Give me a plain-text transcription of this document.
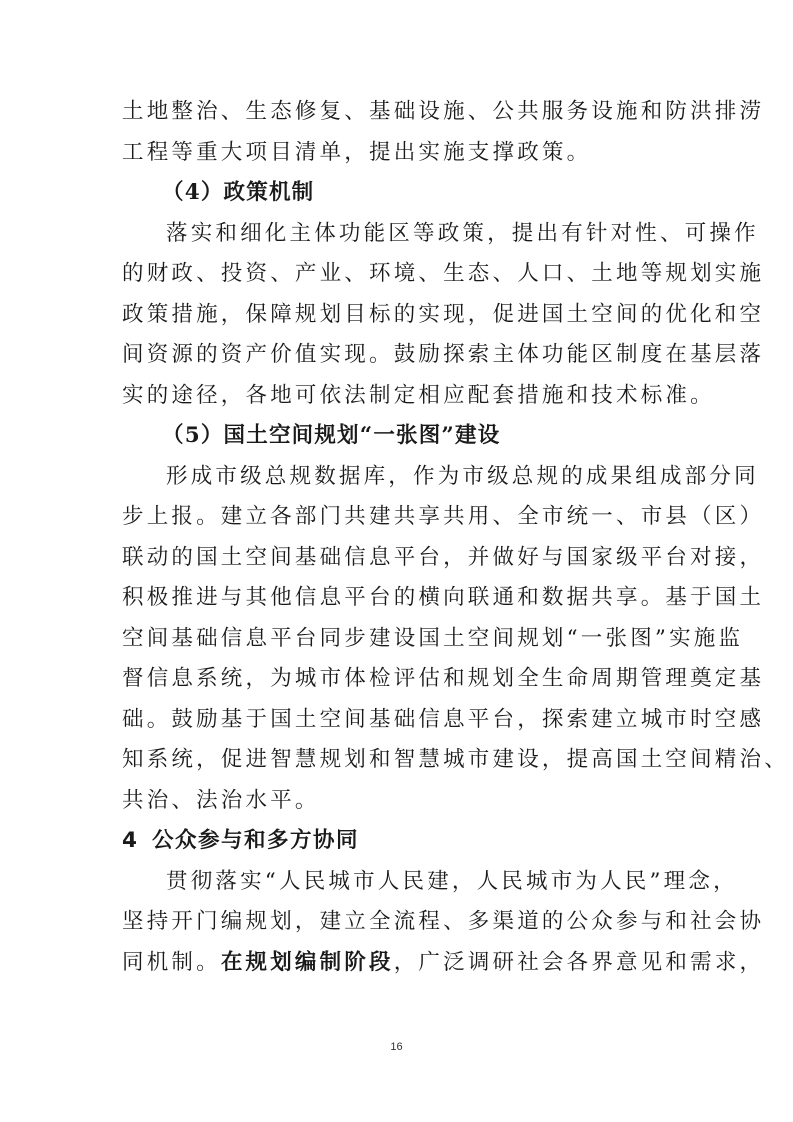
土地整治、生态修复、基础设施、公共服务设施和防洪排涝
工程等重大项目清单，提出实施支撑政策。
（4）政策机制
落实和细化主体功能区等政策，提出有针对性、可操作
的财政、投资、产业、环境、生态、人口、土地等规划实施
政策措施，保障规划目标的实现，促进国土空间的优化和空
间资源的资产价值实现。鼓励探索主体功能区制度在基层落
实的途径，各地可依法制定相应配套措施和技术标准。
（5）国土空间规划“一张图”建设
形成市级总规数据库，作为市级总规的成果组成部分同
步上报。建立各部门共建共享共用、全市统一、市县（区）
联动的国土空间基础信息平台，并做好与国家级平台对接，
积极推进与其他信息平台的横向联通和数据共享。基于国土
空间基础信息平台同步建设国土空间规划“一张图”实施监
督信息系统，为城市体检评估和规划全生命周期管理奠定基
础。鼓励基于国土空间基础信息平台，探索建立城市时空感
知系统，促进智慧规划和智慧城市建设，提高国土空间精治、
共治、法治水平。
4 公众参与和多方协同
贯彻落实“人民城市人民建，人民城市为人民”理念，
坚持开门编规划，建立全流程、多渠道的公众参与和社会协
同机制。在规划编制阶段，广泛调研社会各界意见和需求，
16
